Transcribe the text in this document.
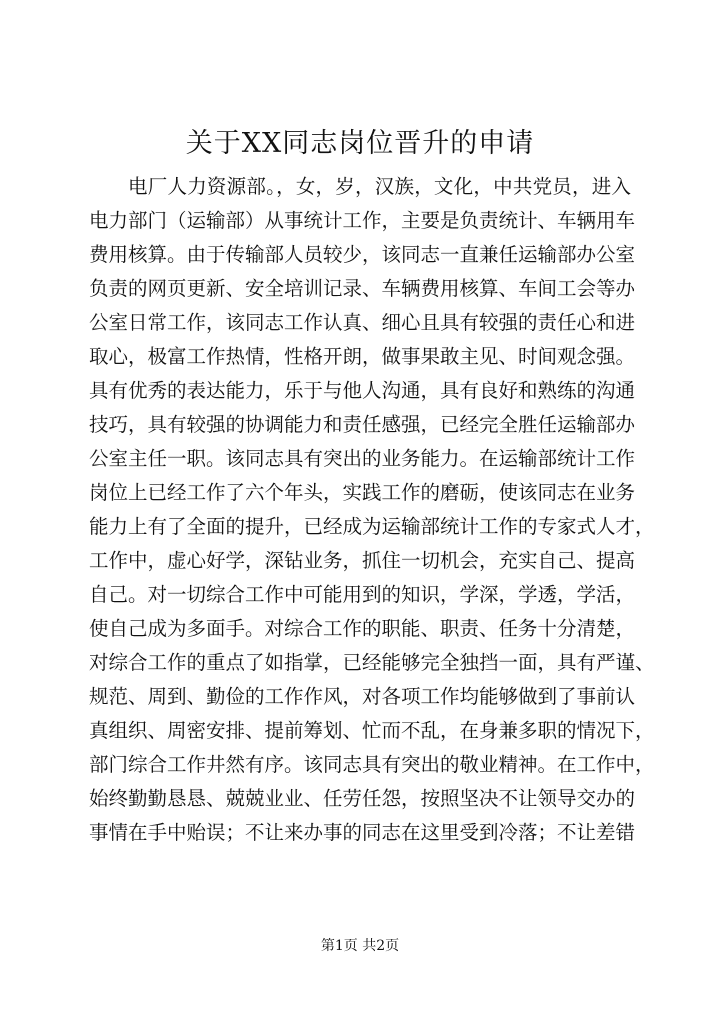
关于XX同志岗位晋升的申请
电厂人力资源部。，女，岁，汉族，文化，中共党员，进入
电力部门（运输部）从事统计工作，主要是负责统计、车辆用车
费用核算。由于传输部人员较少，该同志一直兼任运输部办公室
负责的网页更新、安全培训记录、车辆费用核算、车间工会等办
公室日常工作，该同志工作认真、细心且具有较强的责任心和进
取心，极富工作热情，性格开朗，做事果敢主见、时间观念强。
具有优秀的表达能力，乐于与他人沟通，具有良好和熟练的沟通
技巧，具有较强的协调能力和责任感强，已经完全胜任运输部办
公室主任一职。该同志具有突出的业务能力。在运输部统计工作
岗位上已经工作了六个年头，实践工作的磨砺，使该同志在业务
能力上有了全面的提升，已经成为运输部统计工作的专家式人才，
工作中，虚心好学，深钻业务，抓住一切机会，充实自己、提高
自己。对一切综合工作中可能用到的知识，学深，学透，学活，
使自己成为多面手。对综合工作的职能、职责、任务十分清楚，
对综合工作的重点了如指掌，已经能够完全独挡一面，具有严谨、
规范、周到、勤俭的工作作风，对各项工作均能够做到了事前认
真组织、周密安排、提前筹划、忙而不乱，在身兼多职的情况下，
部门综合工作井然有序。该同志具有突出的敬业精神。在工作中，
始终勤勤恳恳、兢兢业业、任劳任怨，按照坚决不让领导交办的
事情在手中贻误；不让来办事的同志在这里受到冷落；不让差错
第1页 共2页
